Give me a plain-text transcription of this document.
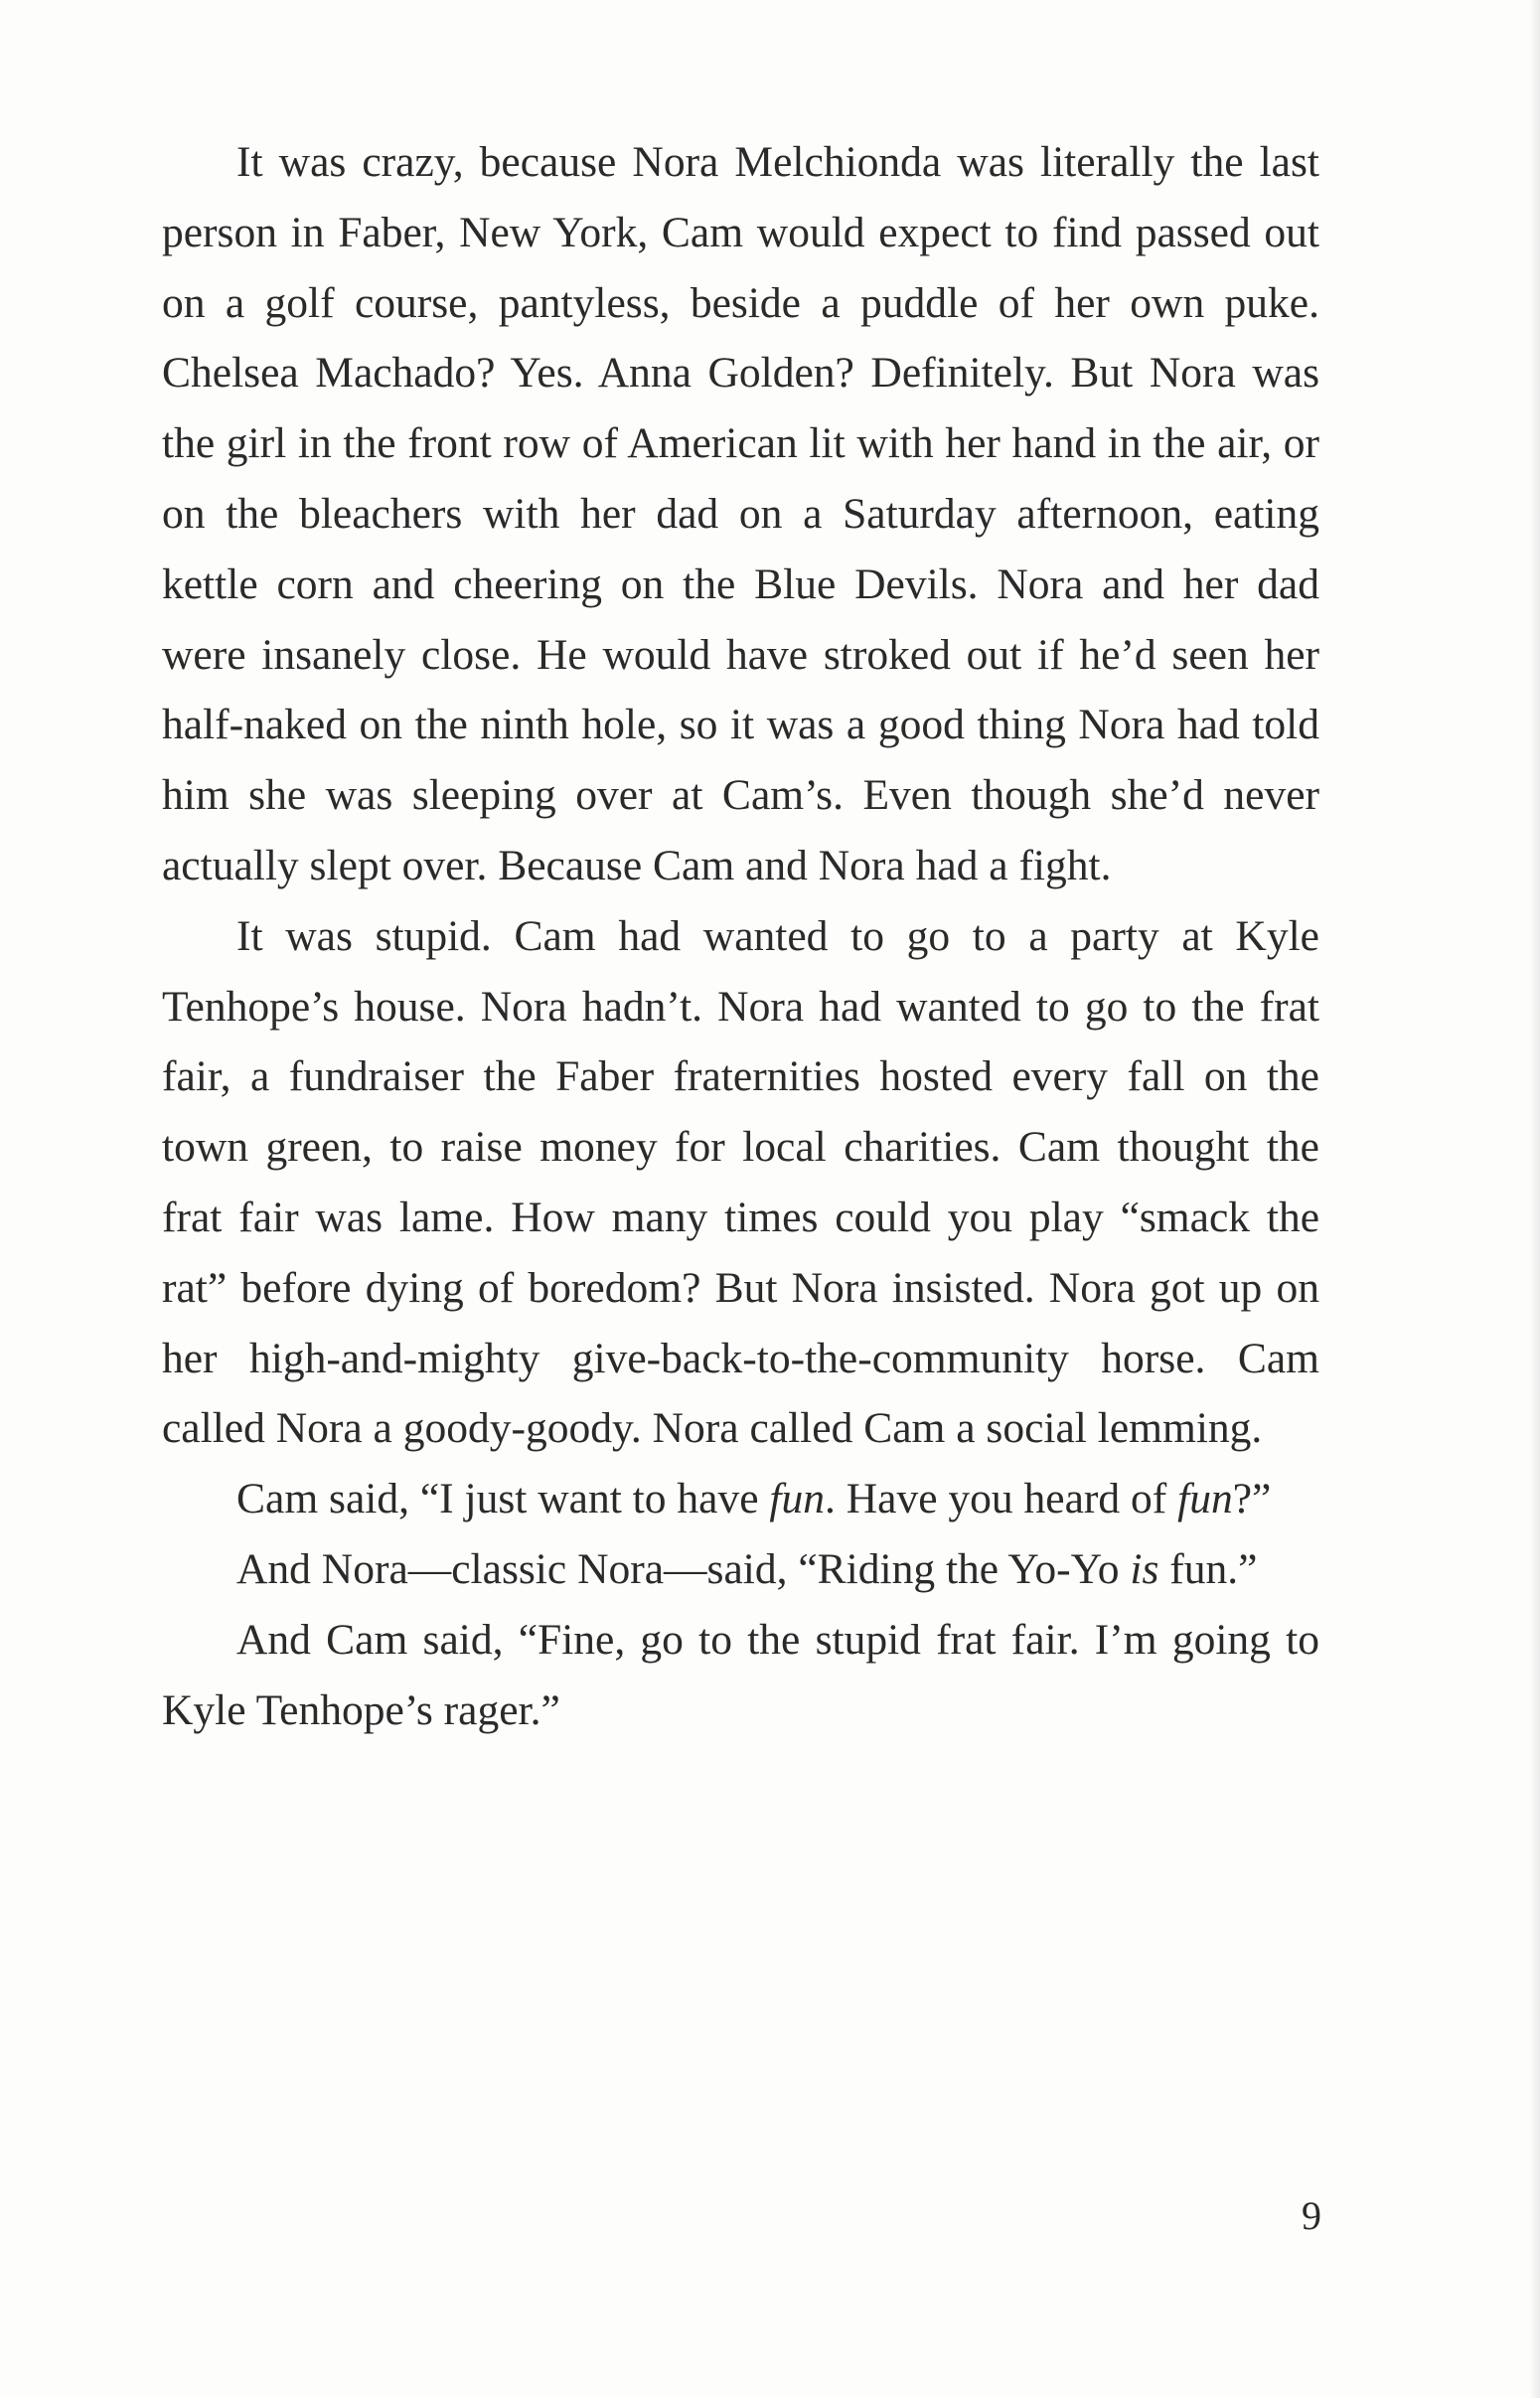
It was crazy, because Nora Melchionda was literally the last person in Faber, New York, Cam would expect to find passed out on a golf course, pantyless, beside a puddle of her own puke. Chelsea Machado? Yes. Anna Golden? Definitely. But Nora was the girl in the front row of American lit with her hand in the air, or on the bleachers with her dad on a Saturday afternoon, eating kettle corn and cheering on the Blue Devils. Nora and her dad were insanely close. He would have stroked out if he’d seen her half-naked on the ninth hole, so it was a good thing Nora had told him she was sleeping over at Cam’s. Even though she’d never actually slept over. Because Cam and Nora had a fight.

It was stupid. Cam had wanted to go to a party at Kyle Tenhope’s house. Nora hadn’t. Nora had wanted to go to the frat fair, a fundraiser the Faber fraternities hosted every fall on the town green, to raise money for local charities. Cam thought the frat fair was lame. How many times could you play “smack the rat” before dying of boredom? But Nora insisted. Nora got up on her high-and-mighty give-back-to-the-community horse. Cam called Nora a goody-goody. Nora called Cam a social lemming.

Cam said, “I just want to have fun. Have you heard of fun?”

And Nora—classic Nora—said, “Riding the Yo-Yo is fun.”

And Cam said, “Fine, go to the stupid frat fair. I’m going to Kyle Tenhope’s rager.”

9
